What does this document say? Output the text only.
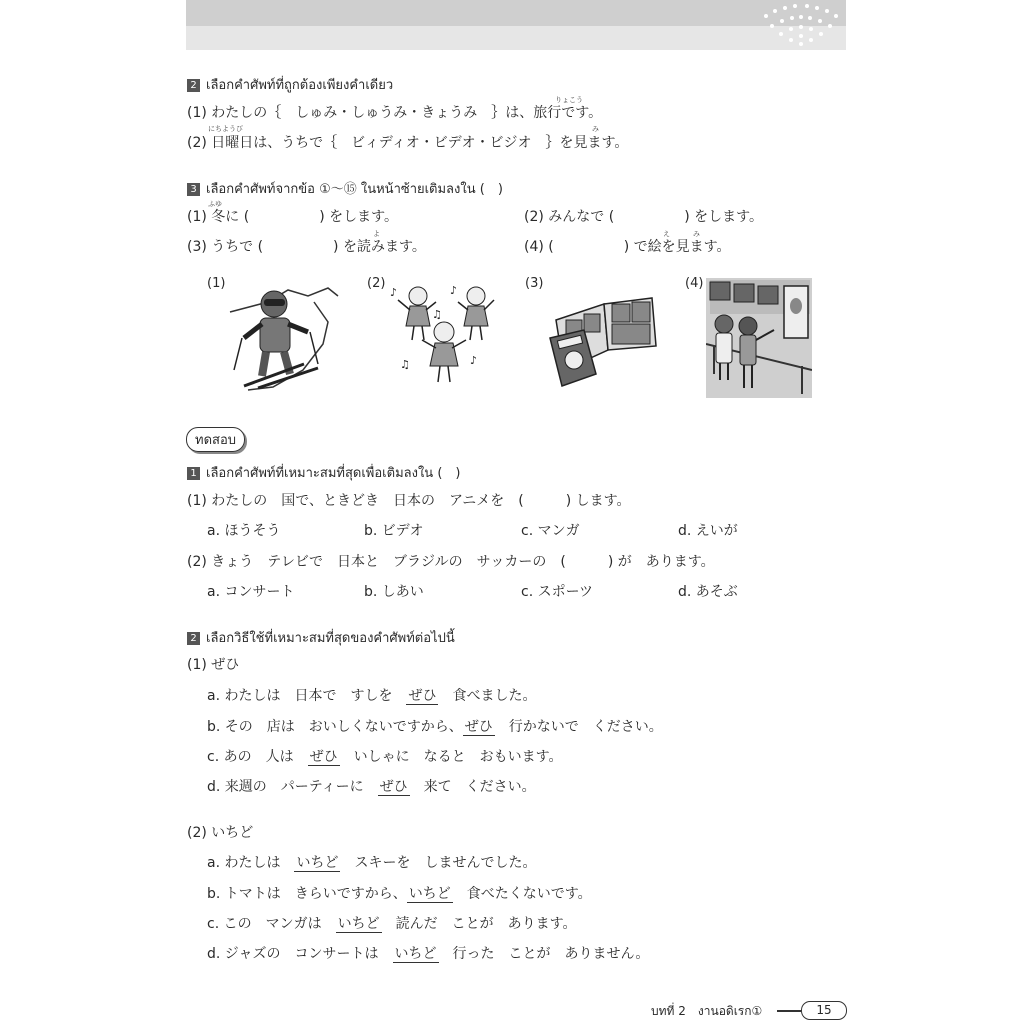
2 เลือกคำศัพท์ที่ถูกต้องเพียงคำเดียว
りょこう
(1) わたしの｛　しゅみ・しゅうみ・きょうみ　｝は、旅行です。
にちようび	み
(2) 日曜日は、うちで｛　ビィディオ・ビデオ・ビジオ　｝を見ます。
3 เลือกคำศัพท์จากข้อ ①〜⑮ ในหน้าซ้ายเติมลงใน (　)
ふゆ
(1) 冬に (　　　　　) をします。	(2) みんなで (　　　　　) をします。
よ
(3) うちで (　　　　　) を読みます。
え	み
(4) (　　　　　) で絵を見ます。
(1)	(2)
♪	♪
♫
♫	♪
(3)	(4)
ทดสอบ
1 เลือกคำศัพท์ที่เหมาะสมที่สุดเพื่อเติมลงใน (　)
(1) わたしの　国で、ときどき　日本の　アニメを　(　　　) します。
a. ほうそう	b. ビデオ	c. マンガ	d. えいが
(2) きょう　テレビで　日本と　ブラジルの　サッカーの　(　　　) が　あります。
a. コンサート	b. しあい	c. スポーツ	d. あそぶ
2 เลือกวิธีใช้ที่เหมาะสมที่สุดของคำศัพท์ต่อไปนี้
(1) ぜひ
a. わたしは　日本で　すしを　ぜひ　食べました。
b. その　店は　おいしくないですから、 ぜひ　行かないで　ください。
c. あの　人は　ぜひ　いしゃに　なると　おもいます。
d. 来週の　パーティーに　ぜひ　来て　ください。
(2) いちど
a. わたしは　いちど　スキーを　しませんでした。
b. トマトは　きらいですから、 いちど　食べたくないです。
c. この　マンガは　いちど　読んだ　ことが　あります。
d. ジャズの　コンサートは　いちど　行った　ことが　ありません。
บทที่ 2　งานอดิเรก①	15
